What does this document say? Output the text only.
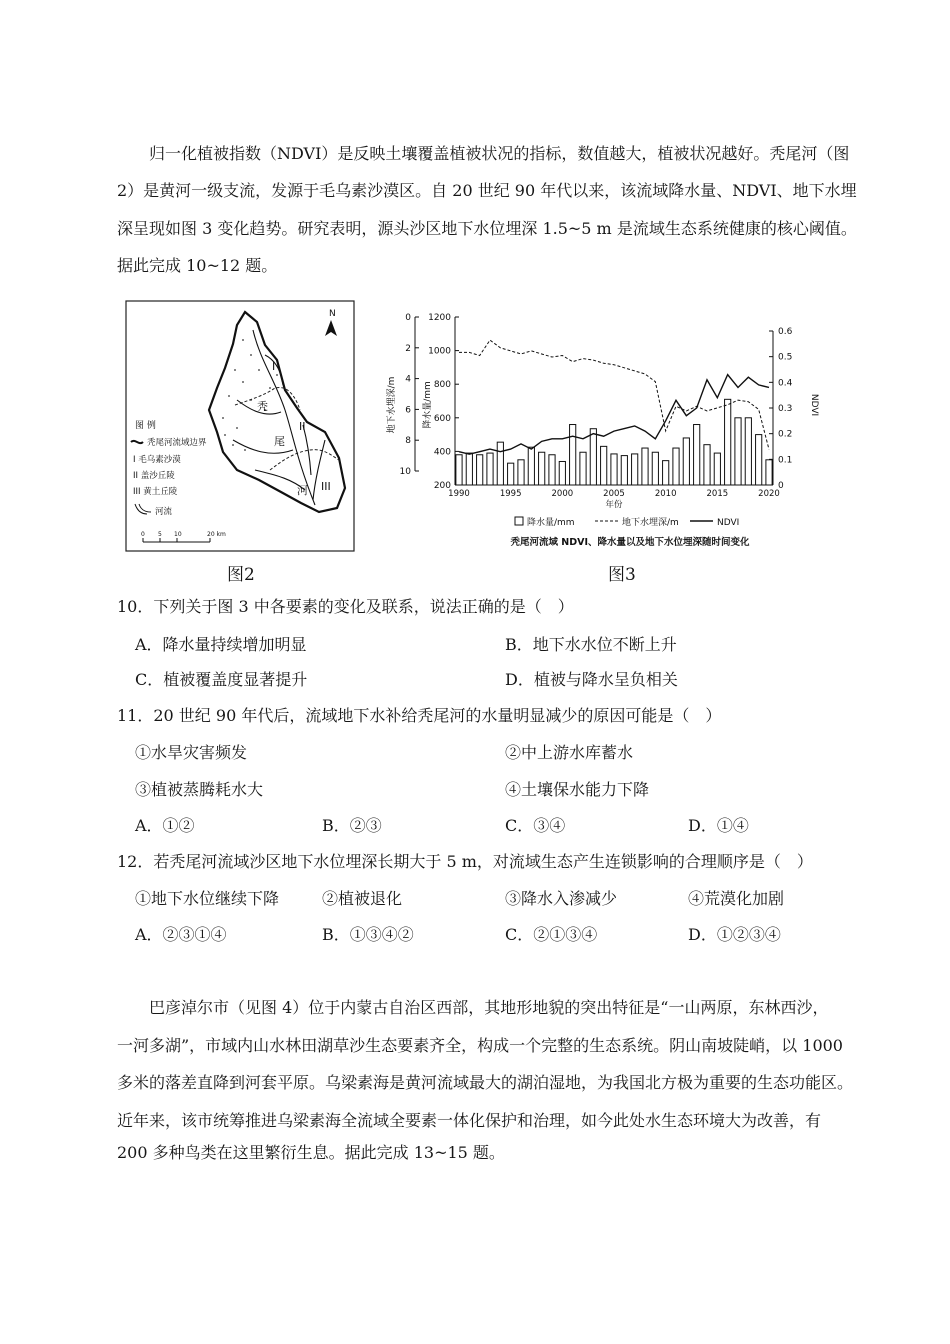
归一化植被指数（NDVI）是反映土壤覆盖植被状况的指标，数值越大，植被状况越好。秃尾河（图
2）是黄河一级支流，发源于毛乌素沙漠区。自 20 世纪 90 年代以来，该流域降水量、NDVI、地下水埋
深呈现如图 3 变化趋势。研究表明，源头沙区地下水位埋深 1.5~5 m 是流域生态系统健康的核心阈值。
据此完成 10~12 题。
N
I
II
III
秃
尾
河
图 例
秃尾河流域边界
I 毛乌素沙漠
II 盖沙丘陵
III 黄土丘陵
河流
0 5 10	20 km
图2
200
400
600
800
1000
1200
0
2
4
6
8
10
0
0.1
0.2
0.3
0.4
0.5
0.6
1990	1995	2000	2005	2010	2015	2020
年份
地下水埋深/m	降水量/mm	NDVI
降水量/mm	地下水埋深/m	NDVI
秃尾河流域 NDVI、降水量以及地下水位埋深随时间变化
图3
10．下列关于图 3 中各要素的变化及联系，说法正确的是（　）
A．降水量持续增加明显	B．地下水水位不断上升
C．植被覆盖度显著提升	D．植被与降水呈负相关
11．20 世纪 90 年代后，流域地下水补给秃尾河的水量明显减少的原因可能是（　）
①水旱灾害频发	②中上游水库蓄水
③植被蒸腾耗水大	④土壤保水能力下降
A．①②	B．②③	C．③④	D．①④
12．若秃尾河流域沙区地下水位埋深长期大于 5 m，对流域生态产生连锁影响的合理顺序是（　）
①地下水位继续下降	②植被退化	③降水入渗减少	④荒漠化加剧
A．②③①④	B．①③④②	C．②①③④	D．①②③④
巴彦淖尔市（见图 4）位于内蒙古自治区西部，其地形地貌的突出特征是“一山两原，东林西沙，
一河多湖”，市域内山水林田湖草沙生态要素齐全，构成一个完整的生态系统。阴山南坡陡峭，以 1000
多米的落差直降到河套平原。乌梁素海是黄河流域最大的湖泊湿地，为我国北方极为重要的生态功能区。
近年来，该市统筹推进乌梁素海全流域全要素一体化保护和治理，如今此处水生态环境大为改善，有
200 多种鸟类在这里繁衍生息。据此完成 13~15 题。
